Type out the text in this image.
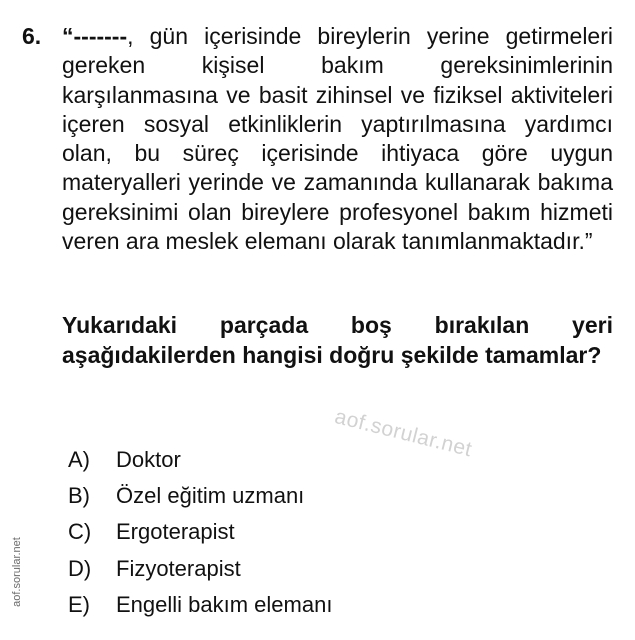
6. “-------, gün içerisinde bireylerin yerine getirmeleri gereken kişisel bakım gereksinimlerinin karşılanmasına ve basit zihinsel ve fiziksel aktiviteleri içeren sosyal etkinliklerin yaptırılmasına yardımcı olan, bu süreç içerisinde ihtiyaca göre uygun materyalleri yerinde ve zamanında kullanarak bakıma gereksinimi olan bireylere profesyonel bakım hizmeti veren ara meslek elemanı olarak tanımlanmaktadır.”
Yukarıdaki parçada boş bırakılan yeri aşağıdakilerden hangisi doğru şekilde tamamlar?
A)	Doktor
B)	Özel eğitim uzmanı
C)	Ergoterapist
D)	Fizyoterapist
E)	Engelli bakım elemanı
aof.sorular.net
aof.sorular.net
